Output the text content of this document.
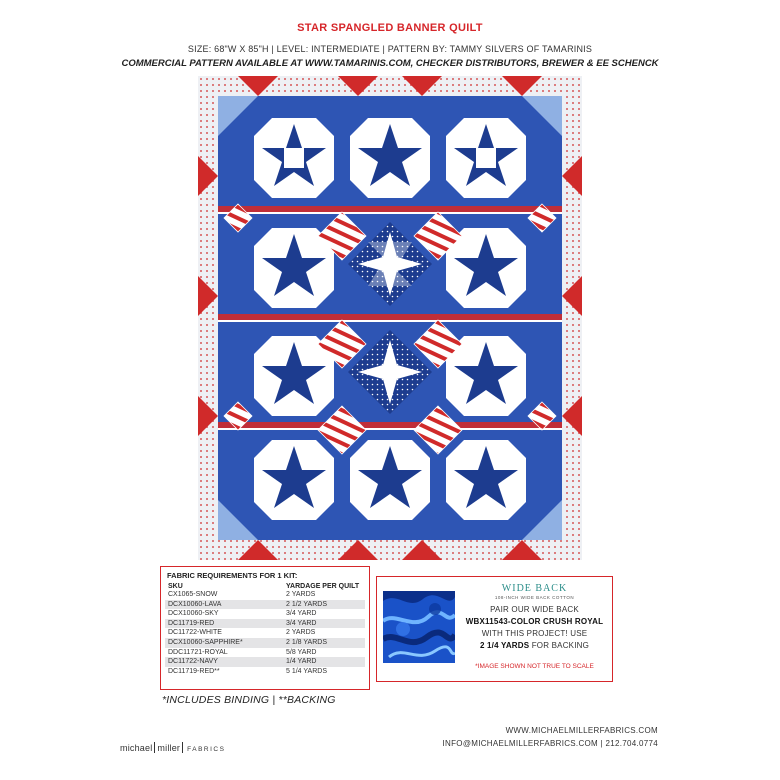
STAR SPANGLED BANNER QUILT
SIZE: 68"W X 85"H | LEVEL: INTERMEDIATE | PATTERN BY: TAMMY SILVERS OF TAMARINIS
COMMERCIAL PATTERN AVAILABLE AT WWW.TAMARINIS.COM, CHECKER DISTRIBUTORS, BREWER & EE SCHENCK
FABRIC REQUIREMENTS FOR 1 KIT:
SKU	YARDAGE PER QUILT
CX1065-SNOW	2 YARDS
DCX10060-LAVA	2 1/2 YARDS
DCX10060-SKY	3/4 YARD
DC11719-RED	3/4 YARD
DC11722-WHITE	2 YARDS
DCX10060-SAPPHIRE*	2 1/8 YARDS
DDC11721-ROYAL	5/8 YARD
DC11722-NAVY	1/4 YARD
DC11719-RED**	5 1/4 YARDS
*INCLUDES BINDING | **BACKING
WIDE BACK
108-INCH WIDE BACK COTTON
PAIR OUR WIDE BACK
WBX11543-COLOR CRUSH ROYAL
WITH THIS PROJECT! USE
2 1/4 YARDS FOR BACKING
*IMAGE SHOWN NOT TRUE TO SCALE
michael miller FABRICS
WWW.MICHAELMILLERFABRICS.COM
INFO@MICHAELMILLERFABRICS.COM | 212.704.0774
